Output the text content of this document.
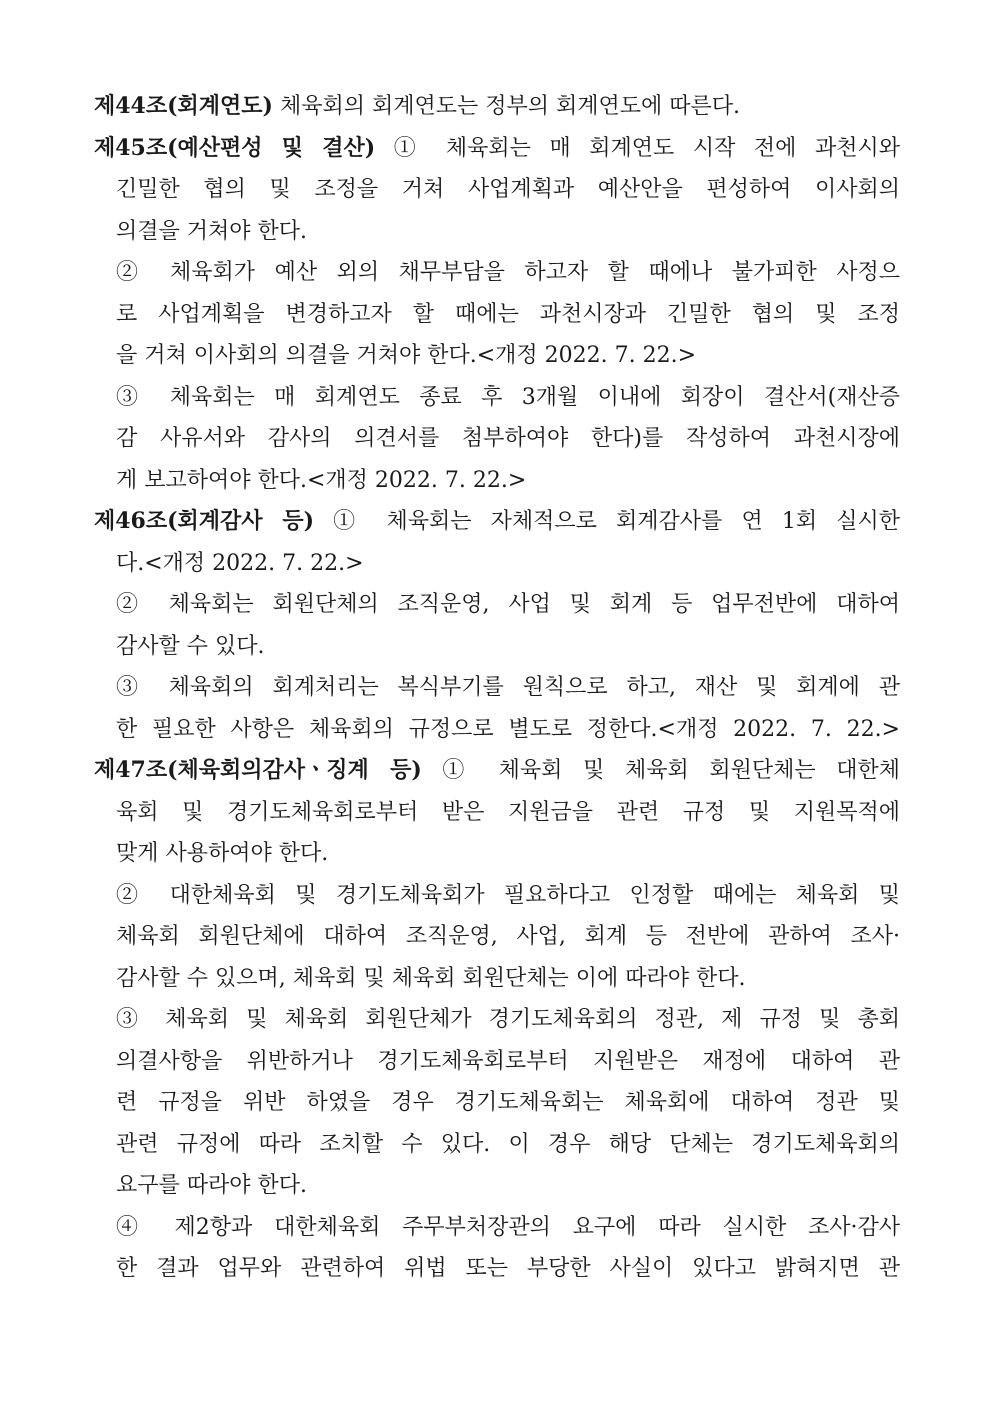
제44조(회계연도) 체육회의 회계연도는 정부의 회계연도에 따른다.
제45조(예산편성 및 결산) ① 체육회는 매 회계연도 시작 전에 과천시와
긴밀한 협의 및 조정을 거쳐 사업계획과 예산안을 편성하여 이사회의
의결을 거쳐야 한다.
② 체육회가 예산 외의 채무부담을 하고자 할 때에나 불가피한 사정으
로 사업계획을 변경하고자 할 때에는 과천시장과 긴밀한 협의 및 조정
을 거쳐 이사회의 의결을 거쳐야 한다.<개정 2022. 7. 22.>
③ 체육회는 매 회계연도 종료 후 3개월 이내에 회장이 결산서(재산증
감 사유서와 감사의 의견서를 첨부하여야 한다)를 작성하여 과천시장에
게 보고하여야 한다.<개정 2022. 7. 22.>
제46조(회계감사 등) ① 체육회는 자체적으로 회계감사를 연 1회 실시한
다.<개정 2022. 7. 22.>
② 체육회는 회원단체의 조직운영, 사업 및 회계 등 업무전반에 대하여
감사할 수 있다.
③ 체육회의 회계처리는 복식부기를 원칙으로 하고, 재산 및 회계에 관
한 필요한 사항은 체육회의 규정으로 별도로 정한다.<개정 2022. 7. 22.>
제47조(체육회의감사ㆍ징계 등) ① 체육회 및 체육회 회원단체는 대한체
육회 및 경기도체육회로부터 받은 지원금을 관련 규정 및 지원목적에
맞게 사용하여야 한다.
② 대한체육회 및 경기도체육회가 필요하다고 인정할 때에는 체육회 및
체육회 회원단체에 대하여 조직운영, 사업, 회계 등 전반에 관하여 조사·
감사할 수 있으며, 체육회 및 체육회 회원단체는 이에 따라야 한다.
③ 체육회 및 체육회 회원단체가 경기도체육회의 정관, 제 규정 및 총회
의결사항을 위반하거나 경기도체육회로부터 지원받은 재정에 대하여 관
련 규정을 위반 하였을 경우 경기도체육회는 체육회에 대하여 정관 및
관련 규정에 따라 조치할 수 있다. 이 경우 해당 단체는 경기도체육회의
요구를 따라야 한다.
④ 제2항과 대한체육회 주무부처장관의 요구에 따라 실시한 조사·감사
한 결과 업무와 관련하여 위법 또는 부당한 사실이 있다고 밝혀지면 관
